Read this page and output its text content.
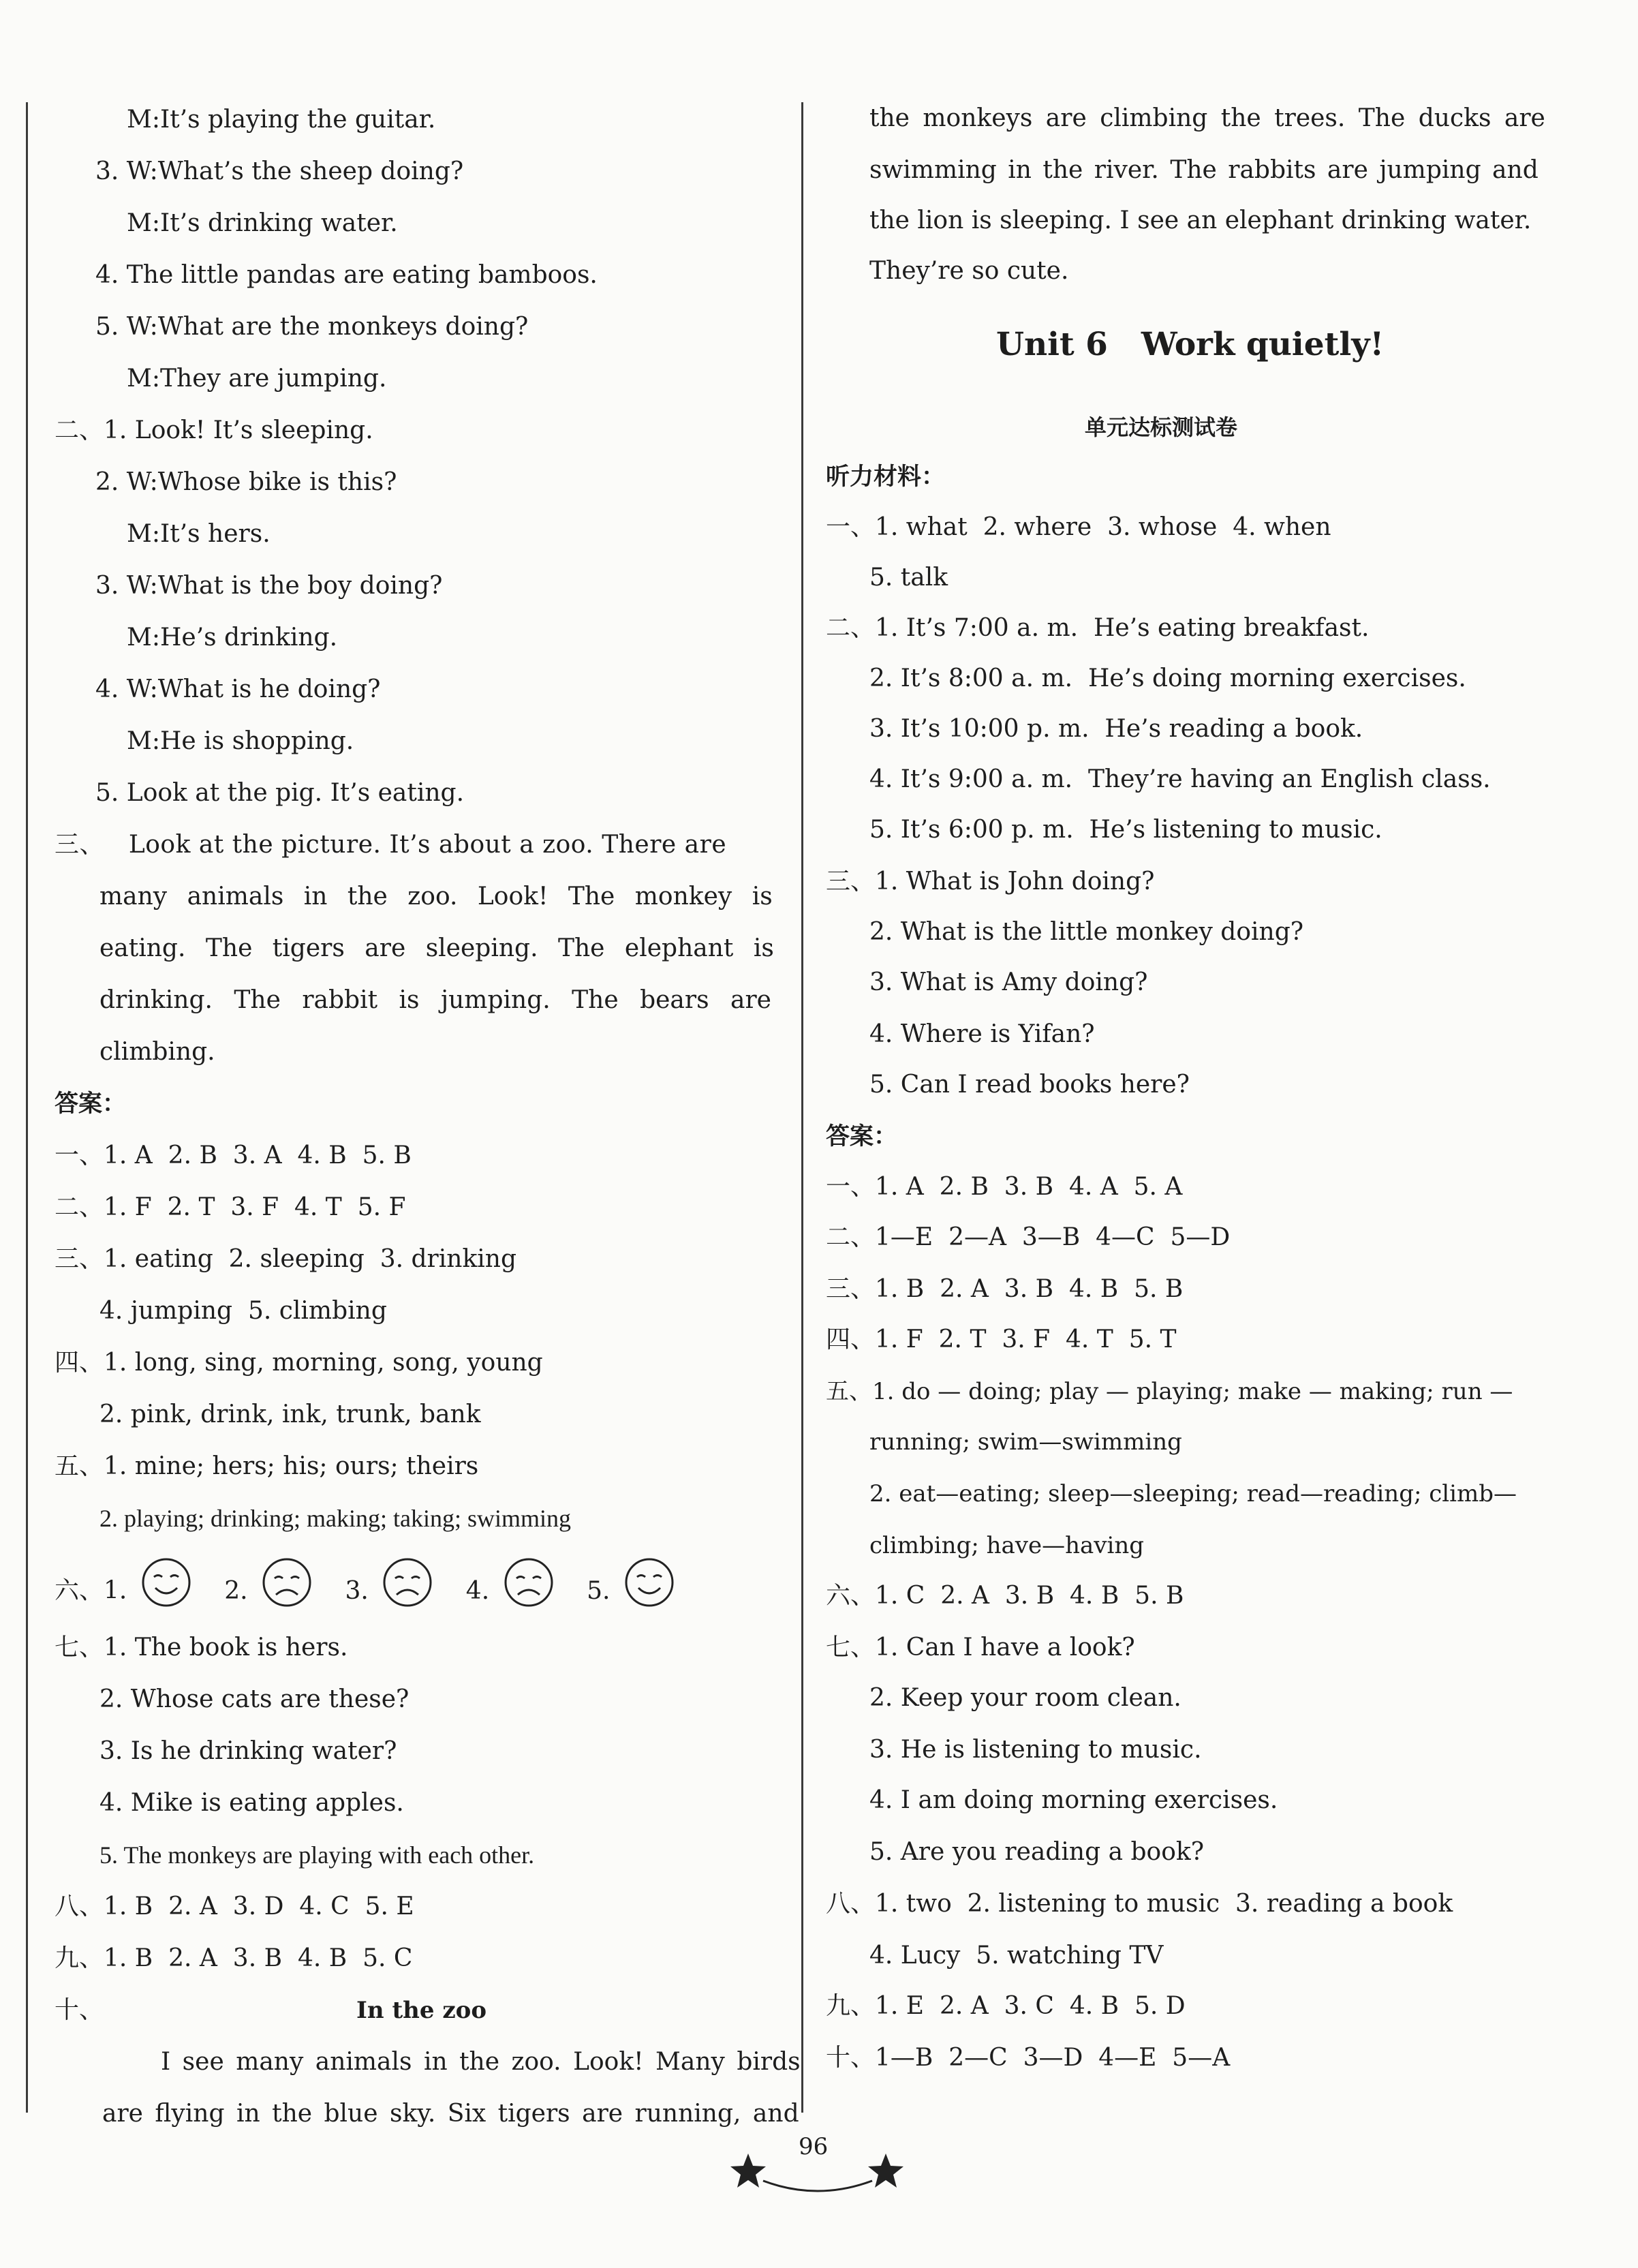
M:It’s playing the guitar.
3. W:What’s the sheep doing?
M:It’s drinking water.
4. The little pandas are eating bamboos.
5. W:What are the monkeys doing?
M:They are jumping.
二、1. Look! It’s sleeping.
2. W:Whose bike is this?
M:It’s hers.
3. W:What is the boy doing?
M:He’s drinking.
4. W:What is he doing?
M:He is shopping.
5. Look at the pig. It’s eating.
三、   Look at the picture. It’s about a zoo. There are
many animals in the zoo. Look! The monkey is
eating. The tigers are sleeping. The elephant is
drinking. The rabbit is jumping. The bears are
climbing.
答案：
一、1. A  2. B  3. A  4. B  5. B
二、1. F  2. T  3. F  4. T  5. F
三、1. eating  2. sleeping  3. drinking
4. jumping  5. climbing
四、1. long, sing, morning, song, young
2. pink, drink, ink, trunk, bank
五、1. mine; hers; his; ours; theirs
2. playing; drinking; making; taking; swimming
六、1.	2.	3.	4.	5.
七、1. The book is hers.
2. Whose cats are these?
3. Is he drinking water?
4. Mike is eating apples.
5. The monkeys are playing with each other.
八、1. B  2. A  3. D  4. C  5. E
九、1. B  2. A  3. B  4. B  5. C
十、	In the zoo
I see many animals in the zoo. Look! Many birds
are flying in the blue sky. Six tigers are running, and
the monkeys are climbing the trees. The ducks are
swimming in the river. The rabbits are jumping and
the lion is sleeping. I see an elephant drinking water.
They’re so cute.
Unit 6   Work quietly!
单元达标测试卷
听力材料：
一、1. what  2. where  3. whose  4. when
5. talk
二、1. It’s 7:00 a. m.  He’s eating breakfast.
2. It’s 8:00 a. m.  He’s doing morning exercises.
3. It’s 10:00 p. m.  He’s reading a book.
4. It’s 9:00 a. m.  They’re having an English class.
5. It’s 6:00 p. m.  He’s listening to music.
三、1. What is John doing?
2. What is the little monkey doing?
3. What is Amy doing?
4. Where is Yifan?
5. Can I read books here?
答案：
一、1. A  2. B  3. B  4. A  5. A
二、1—E  2—A  3—B  4—C  5—D
三、1. B  2. A  3. B  4. B  5. B
四、1. F  2. T  3. F  4. T  5. T
五、1. do — doing; play — playing; make — making; run —
running; swim—swimming
2. eat—eating; sleep—sleeping; read—reading; climb—
climbing; have—having
六、1. C  2. A  3. B  4. B  5. B
七、1. Can I have a look?
2. Keep your room clean.
3. He is listening to music.
4. I am doing morning exercises.
5. Are you reading a book?
八、1. two  2. listening to music  3. reading a book
4. Lucy  5. watching TV
九、1. E  2. A  3. C  4. B  5. D
十、1—B  2—C  3—D  4—E  5—A
96
